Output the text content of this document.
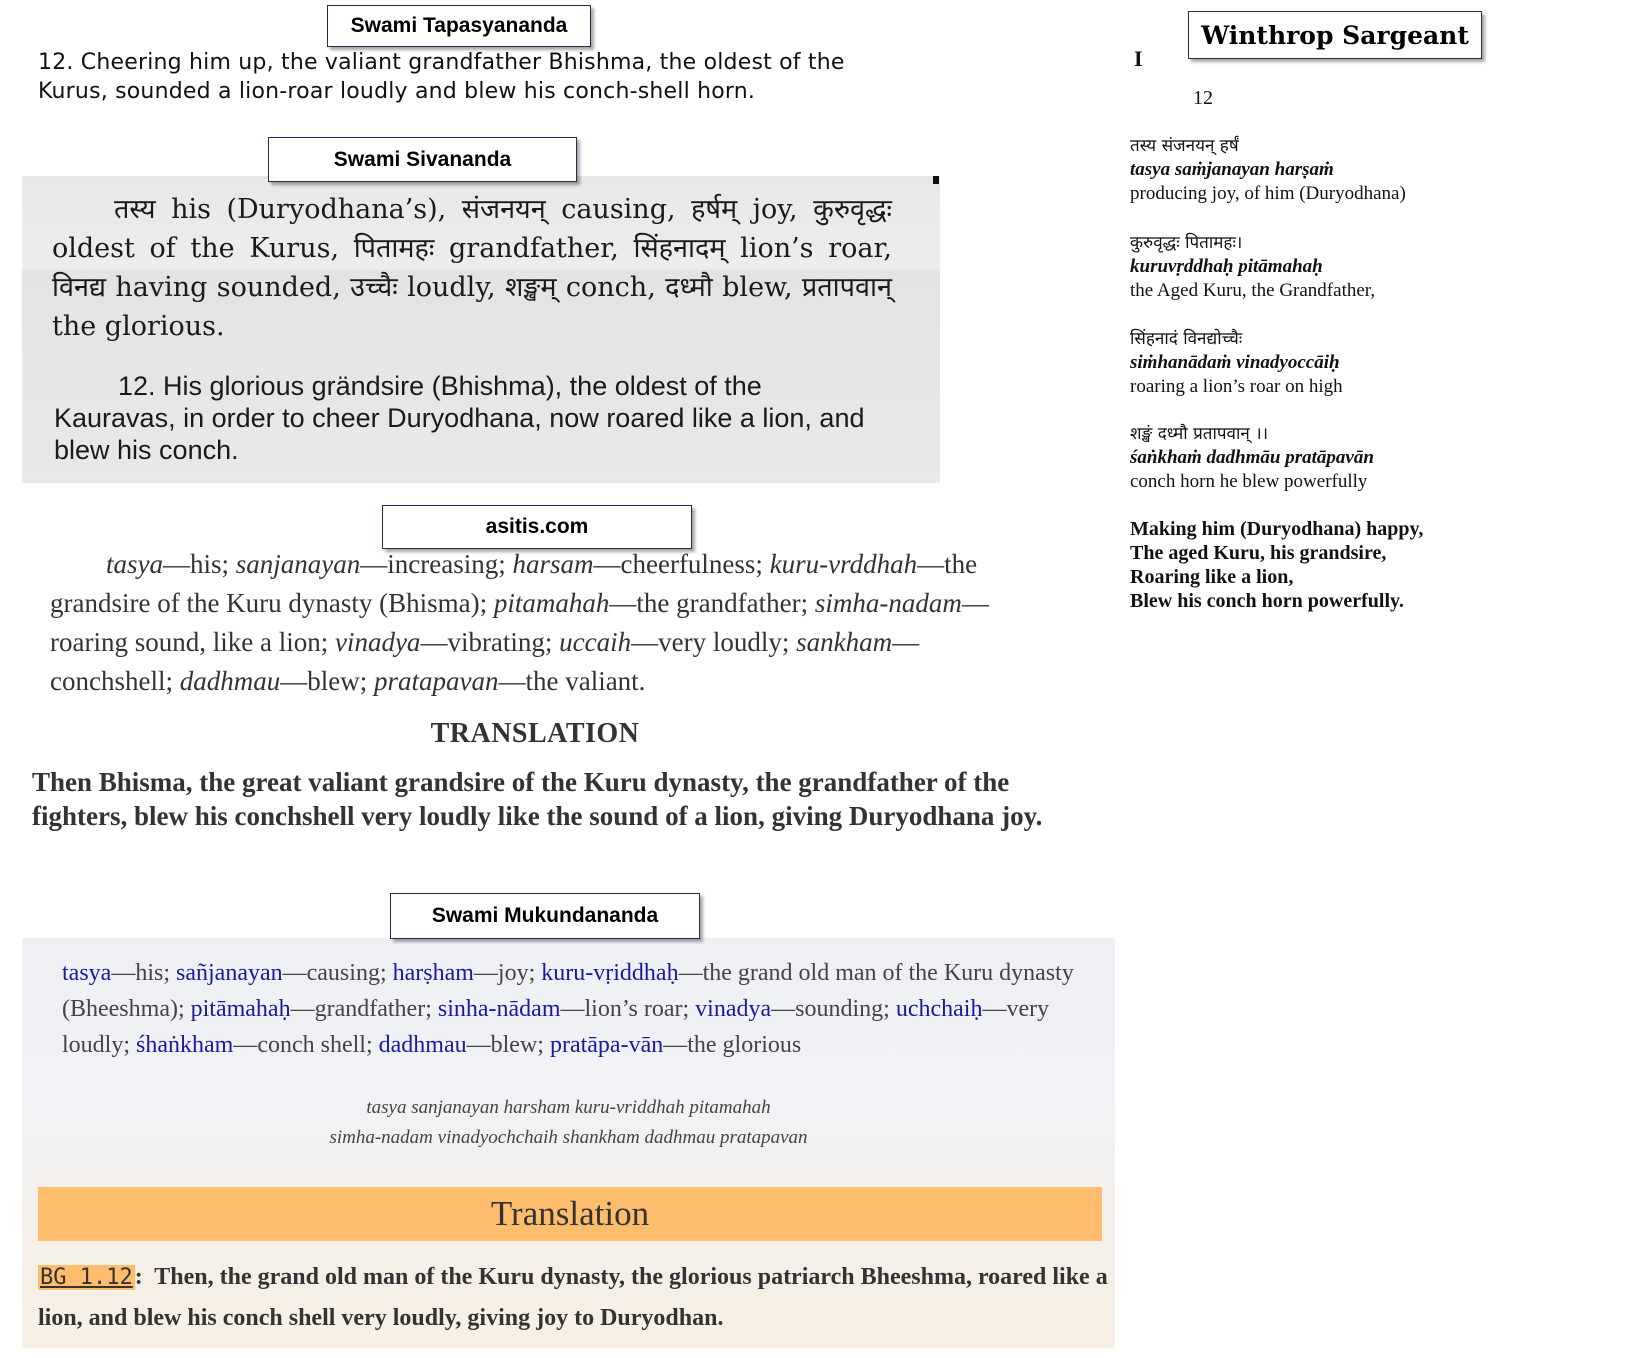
Swami Tapasyananda
12. Cheering him up, the valiant grandfather Bhishma, the oldest of the Kurus, sounded a lion-roar loudly and blew his conch-shell horn.
Swami Sivananda
तस्य his (Duryodhana’s), संजनयन् causing, हर्षम् joy, कुरुवृद्धः oldest of the Kurus, पितामहः grandfather, सिंहनादम् lion’s roar, विनद्य having sounded, उच्चैः loudly, शङ्खम् conch, दध्मौ blew, प्रतापवान् the glorious.
12. His glorious grändsire (Bhishma), the oldest of the Kauravas, in order to cheer Duryodhana, now roared like a lion, and blew his conch.
asitis.com
tasya—his; sanjanayan—increasing; harsam—cheerfulness; kuru-vrddhah—the grandsire of the Kuru dynasty (Bhisma); pitamahah—the grandfather; simha-nadam—roaring sound, like a lion; vinadya—vibrating; uccaih—very loudly; sankham—conchshell; dadhmau—blew; pratapavan—the valiant.
TRANSLATION
Then Bhisma, the great valiant grandsire of the Kuru dynasty, the grandfather of the fighters, blew his conchshell very loudly like the sound of a lion, giving Duryodhana joy.
Swami Mukundananda
tasya—his; sañjanayan—causing; harṣham—joy; kuru-vṛiddhaḥ—the grand old man of the Kuru dynasty (Bheeshma); pitāmahaḥ—grandfather; sinha-nādam—lion’s roar; vinadya—sounding; uchchaiḥ—very loudly; śhaṅkham—conch shell; dadhmau—blew; pratāpa-vān—the glorious
tasya sanjanayan harsham kuru-vriddhah pitamahah
simha-nadam vinadyochchaih shankham dadhmau pratapavan
Translation
BG 1.12: Then, the grand old man of the Kuru dynasty, the glorious patriarch Bheeshma, roared like a lion, and blew his conch shell very loudly, giving joy to Duryodhan.
Winthrop Sargeant
I
12
तस्य संजनयन् हर्षं
tasya saṁjanayan harṣaṁ
producing joy, of him (Duryodhana)
कुरुवृद्धः पितामहः।
kuruvṛddhaḥ pitāmahaḥ
the Aged Kuru, the Grandfather,
सिंहनादं विनद्योच्चैः
siṁhanādaṁ vinadyoccāiḥ
roaring a lion’s roar on high
शङ्खं दध्मौ प्रतापवान् ।।
śaṅkhaṁ dadhmāu pratāpavān
conch horn he blew powerfully
Making him (Duryodhana) happy,
The aged Kuru, his grandsire,
Roaring like a lion,
Blew his conch horn powerfully.
